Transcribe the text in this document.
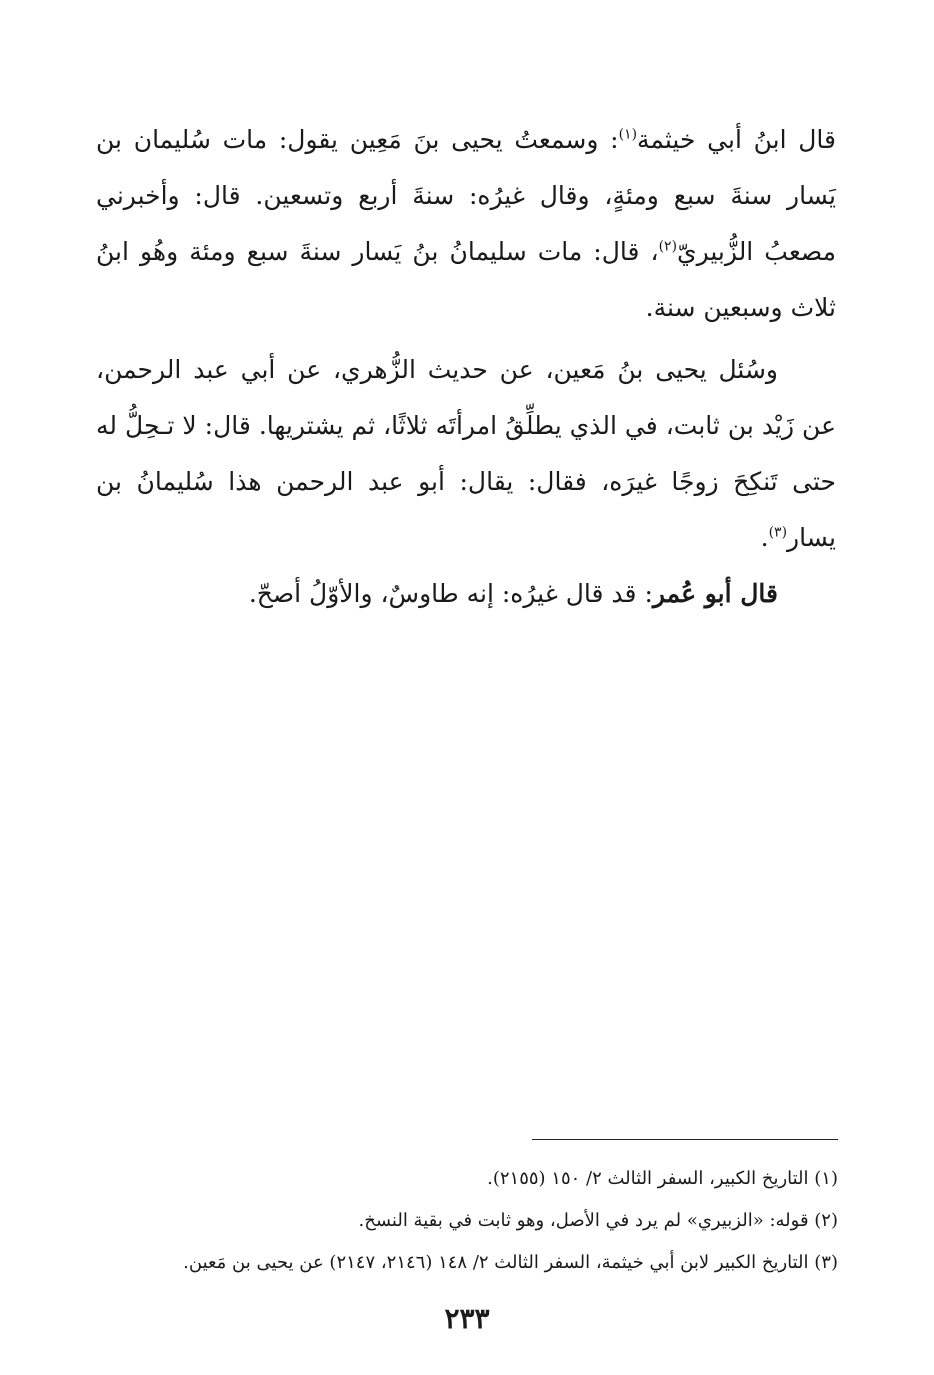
قال ابنُ أبي خيثمة$^{(١)}$: وسمعتُ يحيى بنَ مَعِين يقول: مات سُليمان بن يَسار سنةَ سبع ومئةٍ، وقال غيرُه: سنةَ أربع وتسعين. قال: وأخبرني مصعبُ الزُّبيريّ$^{(٢)}$، قال: مات سليمانُ بنُ يَسار سنةَ سبع ومئة وهُو ابنُ ثلاث وسبعين سنة.

وسُئل يحيى بنُ مَعين، عن حديث الزُّهري، عن أبي عبد الرحمن، عن زَيْد بن ثابت، في الذي يطلِّقُ امرأتَه ثلاثًا، ثم يشتريها. قال: لا تـحِلُّ له حتى تَنكِحَ زوجًا غيرَه، فقال: يقال: أبو عبد الرحمن هذا سُليمانُ بن يسار$^{(٣)}$.

قال أبو عُمر: قد قال غيرُه: إنه طاوسٌ، والأوّلُ أصحّ.

(١) التاريخ الكبير، السفر الثالث ٢/ ١٥٠ (٢١٥٥).

(٢) قوله: «الزبيري» لم يرد في الأصل، وهو ثابت في بقية النسخ.

(٣) التاريخ الكبير لابن أبي خيثمة، السفر الثالث ٢/ ١٤٨ (٢١٤٦، ٢١٤٧) عن يحيى بن مَعين.

٢٣٣
